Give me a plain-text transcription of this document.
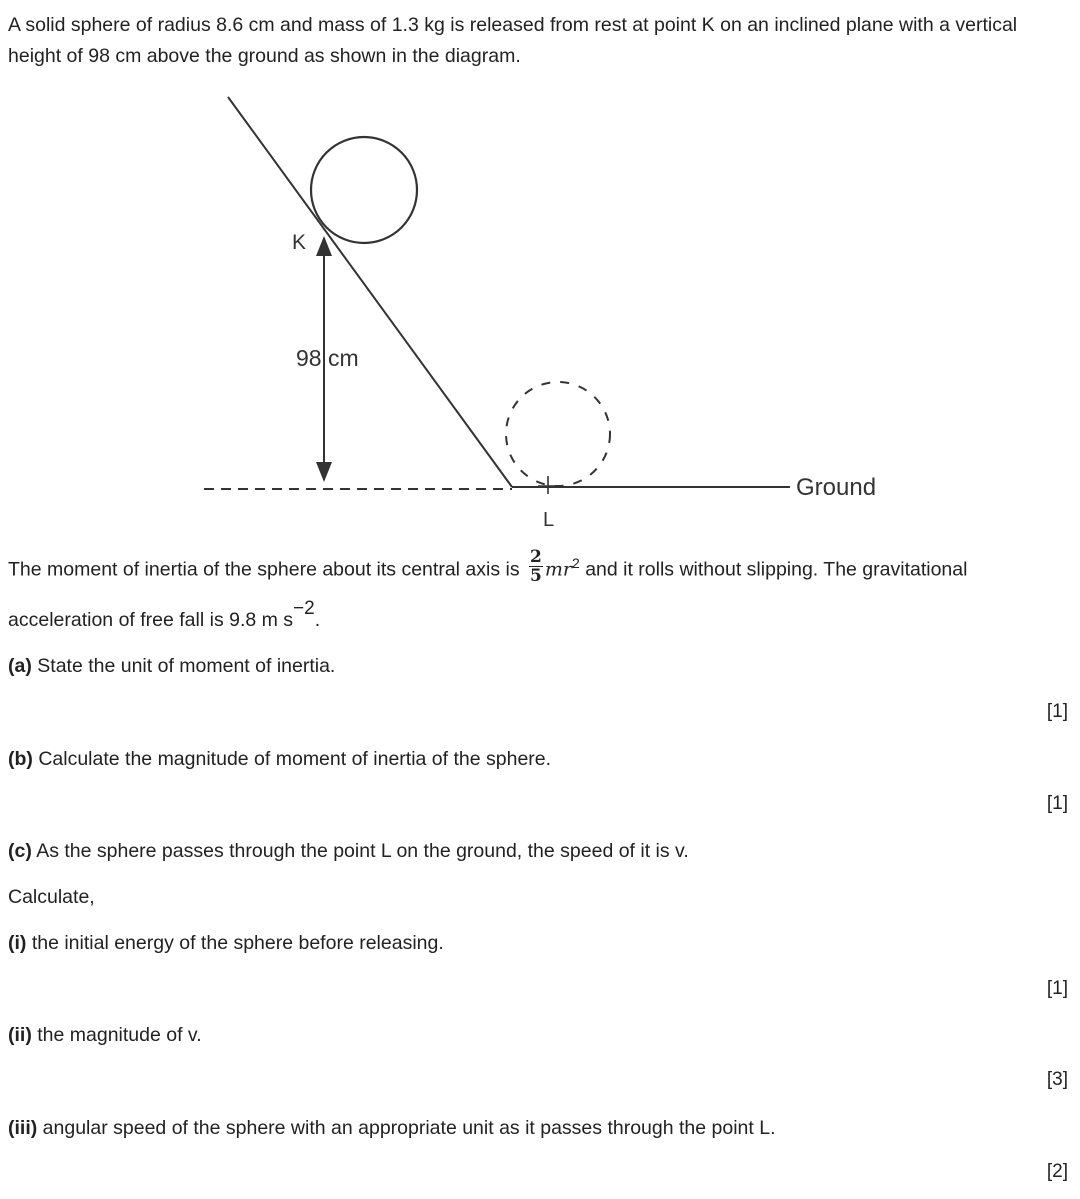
A solid sphere of radius 8.6 cm and mass of 1.3 kg is released from rest at point K on an inclined plane with a vertical height of 98 cm above the ground as shown in the diagram.

K
98 cm
Ground
L
The moment of inertia of the sphere about its central axis is $\frac{2}{5} mr^2$ and it rolls without slipping. The gravitational
acceleration of free fall is 9.8 m s−2.
(a) State the unit of moment of inertia.
[1]
(b) Calculate the magnitude of moment of inertia of the sphere.
[1]
(c) As the sphere passes through the point L on the ground, the speed of it is v.
Calculate,
(i) the initial energy of the sphere before releasing.
[1]
(ii) the magnitude of v.
[3]
(iii) angular speed of the sphere with an appropriate unit as it passes through the point L.
[2]
